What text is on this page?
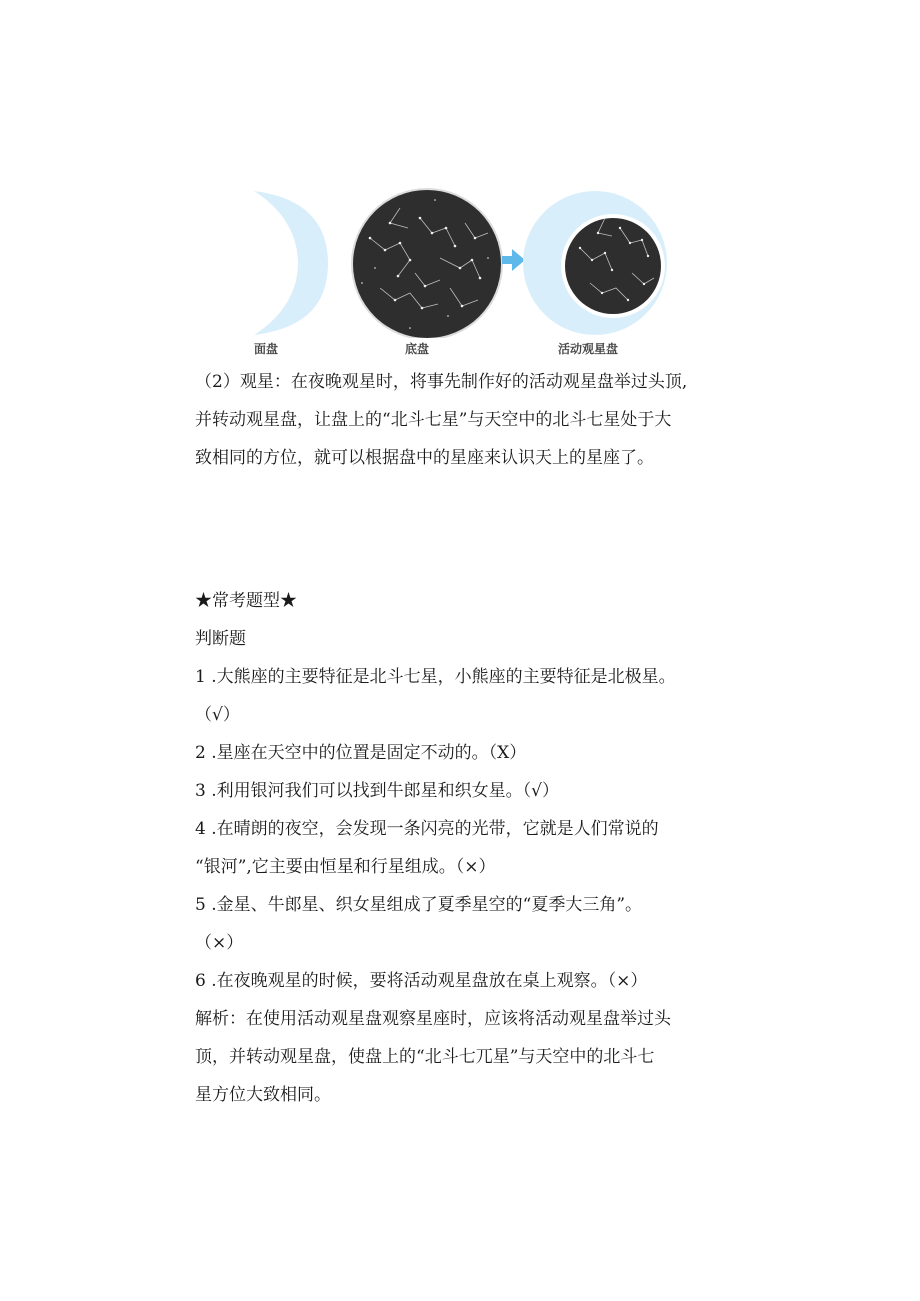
面盘	底盘	活动观星盘

（2）观星：在夜晚观星时，将事先制作好的活动观星盘举过头顶,

并转动观星盘，让盘上的“北斗七星”与天空中的北斗七星处于大

致相同的方位，就可以根据盘中的星座来认识天上的星座了。

★常考题型★

判断题

1 .大熊座的主要特征是北斗七星，小熊座的主要特征是北极星。

（√）

2 .星座在天空中的位置是固定不动的。（X）

3 .利用银河我们可以找到牛郎星和织女星。（√）

4 .在晴朗的夜空，会发现一条闪亮的光带，它就是人们常说的

“银河”,它主要由恒星和行星组成。（×）

5 .金星、牛郎星、织女星组成了夏季星空的“夏季大三角”。

（×）

6 .在夜晚观星的时候，要将活动观星盘放在桌上观察。（×）

解析：在使用活动观星盘观察星座时，应该将活动观星盘举过头

顶，并转动观星盘，使盘上的“北斗七兀星”与天空中的北斗七

星方位大致相同。
